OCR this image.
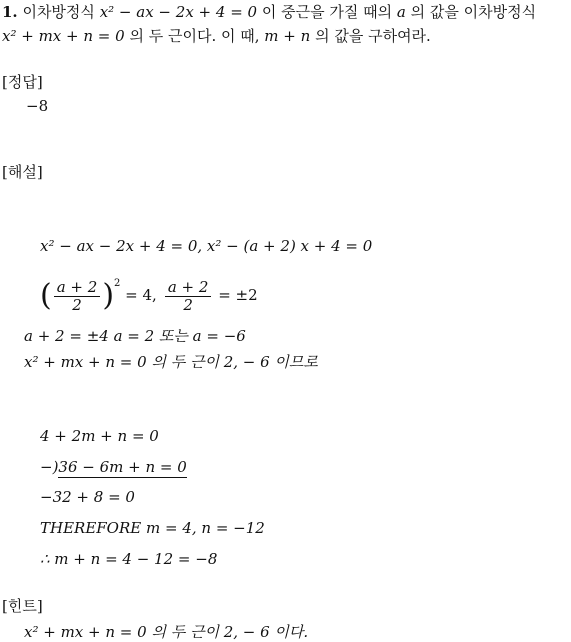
1. 이차방정식 x² − ax − 2x + 4 = 0 이 중근을 가질 때의 a 의 값을 이차방정식
x² + mx + n = 0 의 두 근이다. 이 때, m + n 의 값을 구하여라.
[정답]
−8
[해설]
x² − ax − 2x + 4 = 0, x² − (a + 2) x + 4 = 0
( $\frac{a + 2}{2} )^2 = 4$, $\frac{a + 2}{2} = \pm 2$
a + 2 = ±4 a = 2 또는 a = −6
x² + mx + n = 0 의 두 근이 2, − 6 이므로
4 + 2m + n = 0
−)36 − 6m + n = 0
−32 + 8 = 0
THEREFORE m = 4, n = −12
∴ m + n = 4 − 12 = −8
[힌트]
x² + mx + n = 0 의 두 근이 2, − 6 이다.
